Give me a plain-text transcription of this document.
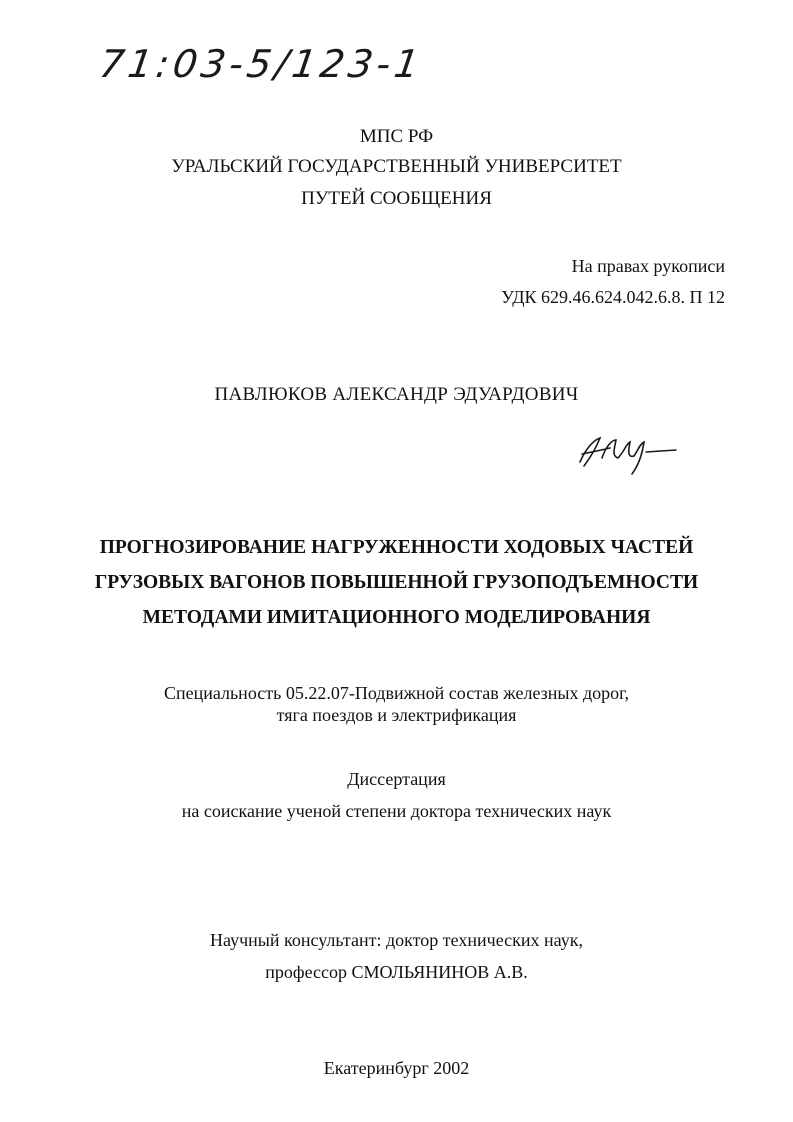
71:03-5/123-1
МПС РФ
УРАЛЬСКИЙ ГОСУДАРСТВЕННЫЙ УНИВЕРСИТЕТ
ПУТЕЙ СООБЩЕНИЯ
На правах рукописи
УДК 629.46.624.042.6.8. П 12
ПАВЛЮКОВ АЛЕКСАНДР ЭДУАРДОВИЧ
ПРОГНОЗИРОВАНИЕ НАГРУЖЕННОСТИ ХОДОВЫХ ЧАСТЕЙ
ГРУЗОВЫХ ВАГОНОВ ПОВЫШЕННОЙ ГРУЗОПОДЪЕМНОСТИ
МЕТОДАМИ ИМИТАЦИОННОГО МОДЕЛИРОВАНИЯ
Специальность 05.22.07-Подвижной состав железных дорог,
тяга поездов и электрификация
Диссертация
на соискание ученой степени доктора технических наук
Научный консультант: доктор технических наук,
профессор СМОЛЬЯНИНОВ А.В.
Екатеринбург 2002
